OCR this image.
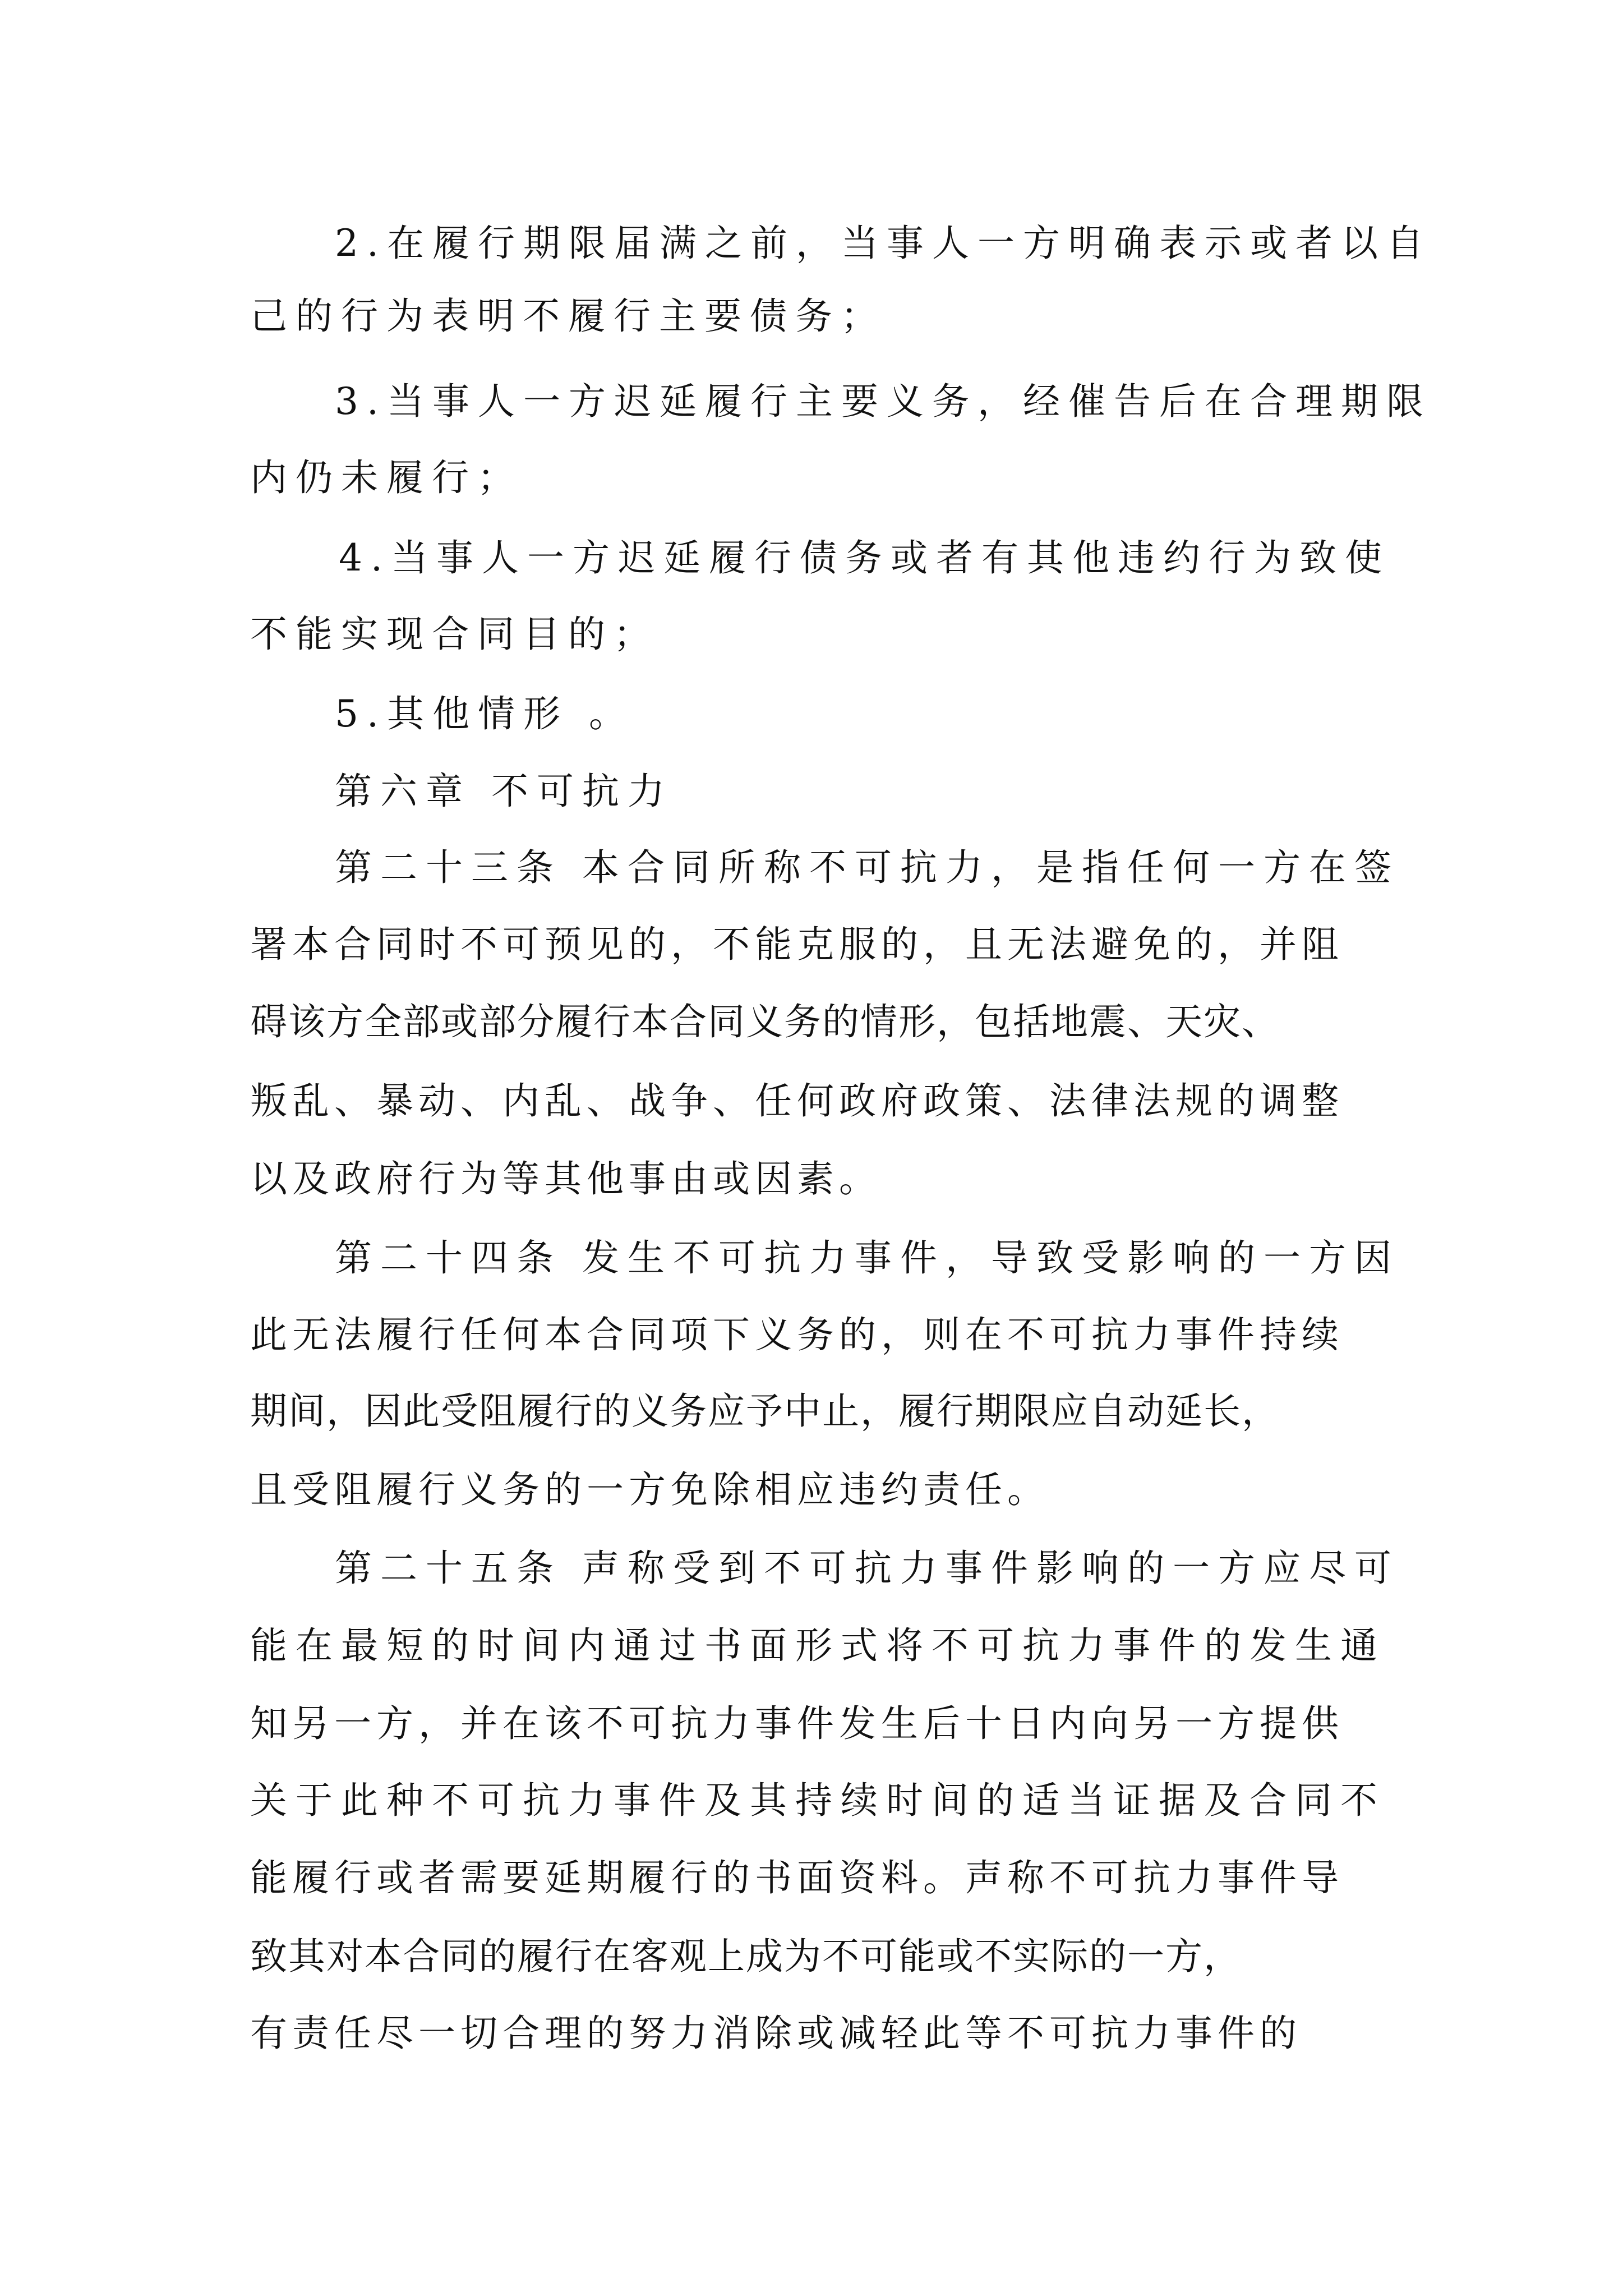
2.在履行期限届满之前，当事人一方明确表示或者以自
己的行为表明不履行主要债务；
3.当事人一方迟延履行主要义务，经催告后在合理期限
内仍未履行；
4.当事人一方迟延履行债务或者有其他违约行为致使
不能实现合同目的；
5.其他情形 。
第六章 不可抗力
第二十三条 本合同所称不可抗力，是指任何一方在签
署本合同时不可预见的，不能克服的，且无法避免的，并阻
碍该方全部或部分履行本合同义务的情形，包括地震、天灾、
叛乱、暴动、内乱、战争、任何政府政策、法律法规的调整
以及政府行为等其他事由或因素。
第二十四条 发生不可抗力事件，导致受影响的一方因
此无法履行任何本合同项下义务的，则在不可抗力事件持续
期间，因此受阻履行的义务应予中止，履行期限应自动延长，
且受阻履行义务的一方免除相应违约责任。
第二十五条 声称受到不可抗力事件影响的一方应尽可
能在最短的时间内通过书面形式将不可抗力事件的发生通
知另一方，并在该不可抗力事件发生后十日内向另一方提供
关于此种不可抗力事件及其持续时间的适当证据及合同不
能履行或者需要延期履行的书面资料。声称不可抗力事件导
致其对本合同的履行在客观上成为不可能或不实际的一方，
有责任尽一切合理的努力消除或减轻此等不可抗力事件的
